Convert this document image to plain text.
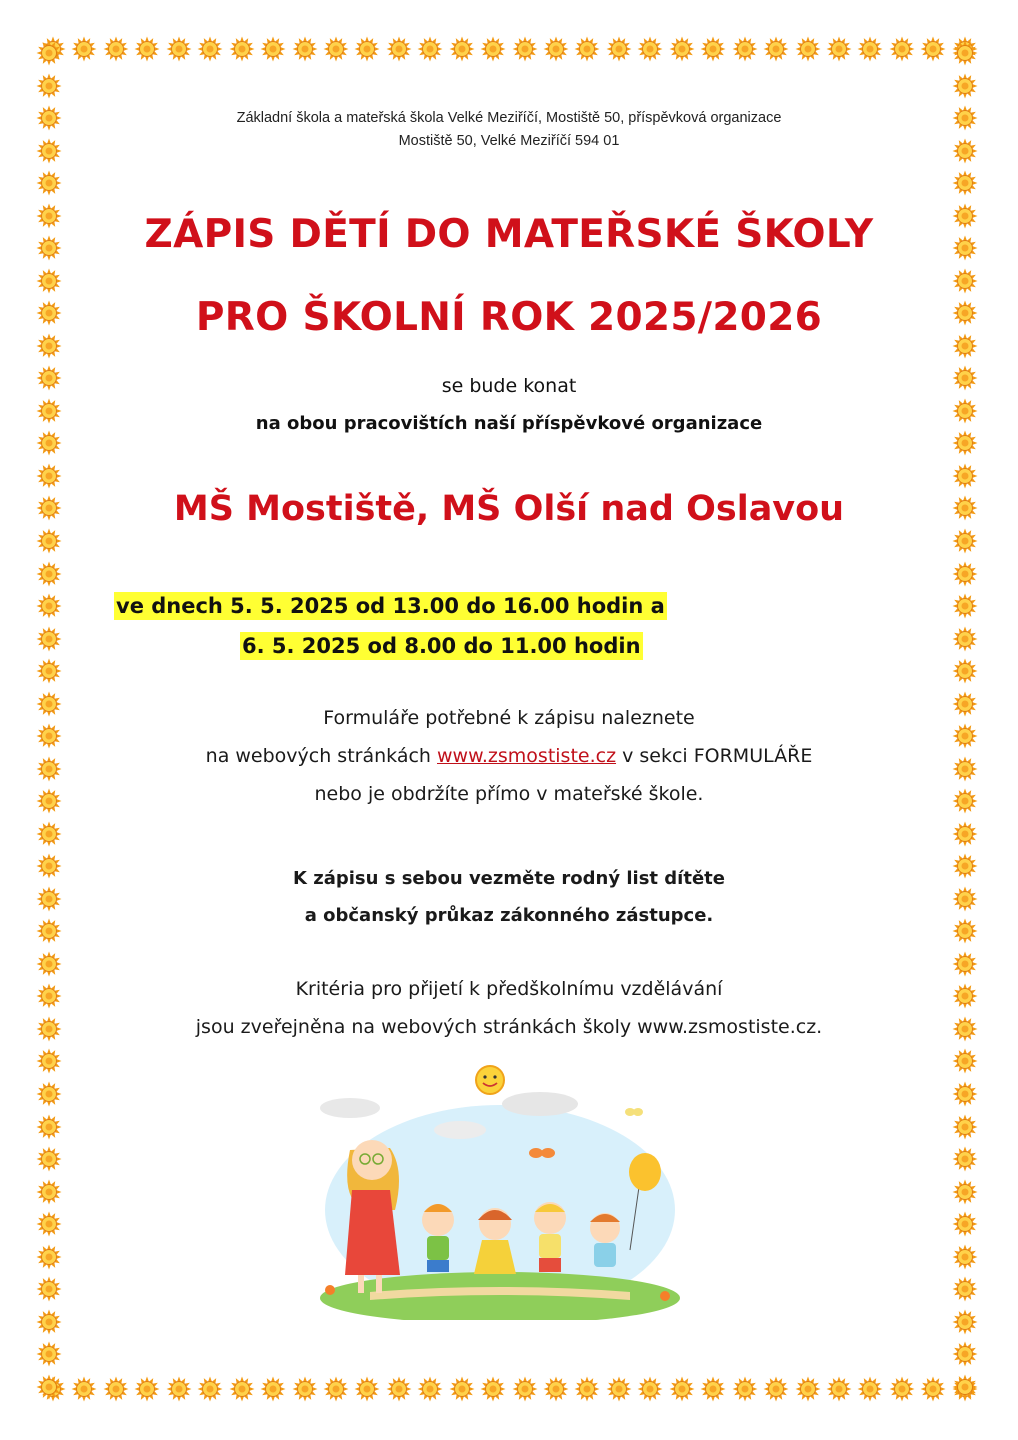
Základní škola a mateřská škola Velké Meziříčí, Mostiště 50, příspěvková organizace
Mostiště 50, Velké Meziříčí 594 01
ZÁPIS DĚTÍ DO MATEŘSKÉ ŠKOLY
PRO ŠKOLNÍ ROK 2025/2026
se bude konat
na obou pracovištích naší příspěvkové organizace
MŠ Mostiště, MŠ Olší nad Oslavou
ve dnech 5. 5. 2025 od 13.00 do 16.00 hodin a
6. 5. 2025 od 8.00 do 11.00 hodin
Formuláře potřebné k zápisu naleznete
na webových stránkách www.zsmostiste.cz v sekci FORMULÁŘE
nebo je obdržíte přímo v mateřské škole.
K zápisu s sebou vezměte rodný list dítěte
a občanský průkaz zákonného zástupce.
Kritéria pro přijetí k předškolnímu vzdělávání
jsou zveřejněna na webových stránkách školy www.zsmostiste.cz.
